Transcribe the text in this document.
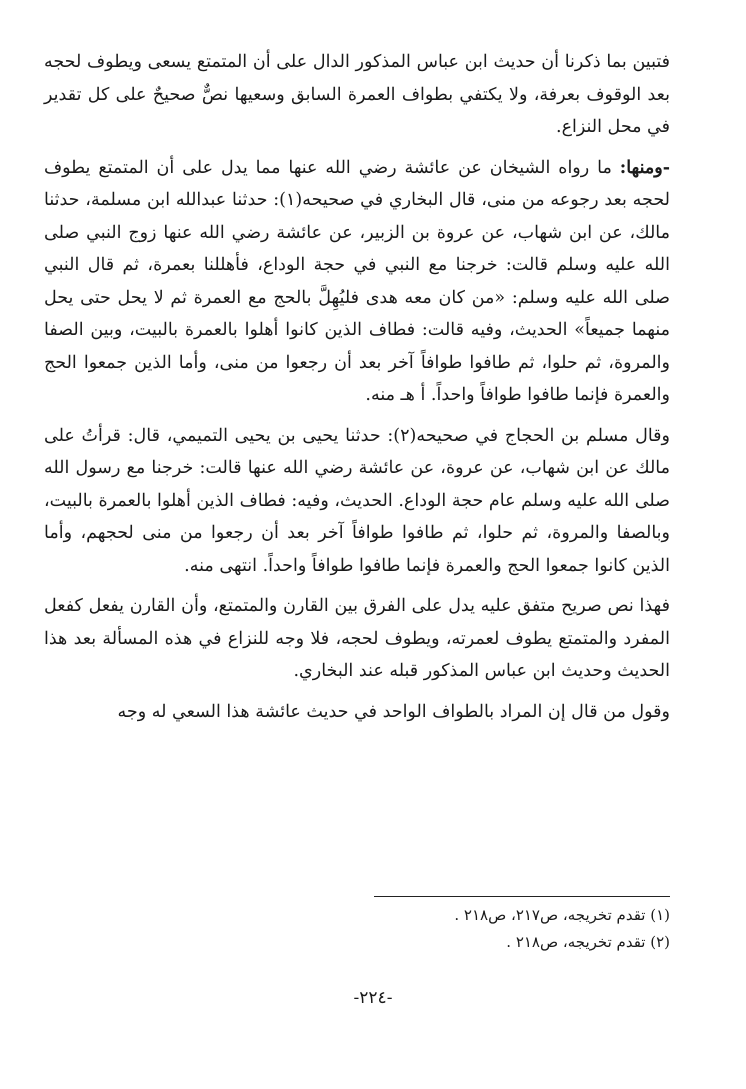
فتبين بما ذكرنا أن حديث ابن عباس المذكور الدال على أن المتمتع يسعى ويطوف لحجه بعد الوقوف بعرفة، ولا يكتفي بطواف العمرة السابق وسعيها نصٌّ صحيحٌ على كل تقدير في محل النزاع.

-ومنها: ما رواه الشيخان عن عائشة رضي الله عنها مما يدل على أن المتمتع يطوف لحجه بعد رجوعه من منى، قال البخاري في صحيحه(١): حدثنا عبدالله ابن مسلمة، حدثنا مالك، عن ابن شهاب، عن عروة بن الزبير، عن عائشة رضي الله عنها زوج النبي صلى الله عليه وسلم قالت: خرجنا مع النبي في حجة الوداع، فأهللنا بعمرة، ثم قال النبي صلى الله عليه وسلم: «من كان معه هدى فليُهِلَّ بالحج مع العمرة ثم لا يحل حتى يحل منهما جميعاً» الحديث، وفيه قالت: فطاف الذين كانوا أهلوا بالعمرة بالبيت، وبين الصفا والمروة، ثم حلوا، ثم طافوا طوافاً آخر بعد أن رجعوا من منى، وأما الذين جمعوا الحج والعمرة فإنما طافوا طوافاً واحداً. أ هـ منه.

وقال مسلم بن الحجاج في صحيحه(٢): حدثنا يحيى بن يحيى التميمي، قال: قرأتُ على مالك عن ابن شهاب، عن عروة، عن عائشة رضي الله عنها قالت: خرجنا مع رسول الله صلى الله عليه وسلم عام حجة الوداع. الحديث، وفيه: فطاف الذين أهلوا بالعمرة بالبيت، وبالصفا والمروة، ثم حلوا، ثم طافوا طوافاً آخر بعد أن رجعوا من منى لحجهم، وأما الذين كانوا جمعوا الحج والعمرة فإنما طافوا طوافاً واحداً. انتهى منه.

فهذا نص صريح متفق عليه يدل على الفرق بين القارن والمتمتع، وأن القارن يفعل كفعل المفرد والمتمتع يطوف لعمرته، ويطوف لحجه، فلا وجه للنزاع في هذه المسألة بعد هذا الحديث وحديث ابن عباس المذكور قبله عند البخاري.

وقول من قال إن المراد بالطواف الواحد في حديث عائشة هذا السعي له وجه

(١) تقدم تخريجه، ص٢١٧، ص٢١٨ .

(٢) تقدم تخريجه، ص٢١٨ .

-٢٢٤-
